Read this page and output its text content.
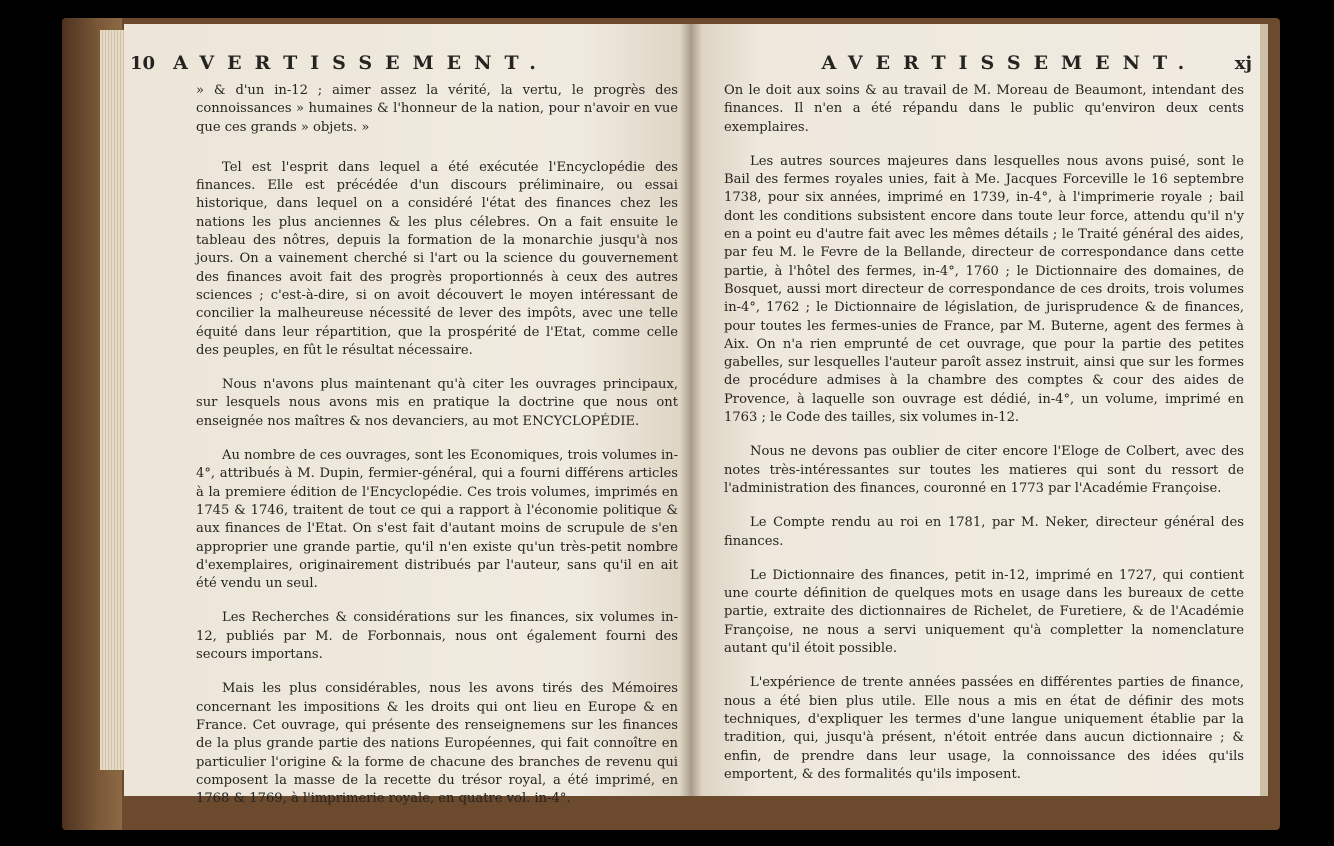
10 AVERTISSEMENT.

» & d'un in-12 ; aimer assez la vérité, la vertu, le progrès des connoissances » humaines & l'honneur de la nation, pour n'avoir en vue que ces grands » objets. »

Tel est l'esprit dans lequel a été exécutée l'Encyclopédie des finances. Elle est précédée d'un discours préliminaire, ou essai historique, dans lequel on a considéré l'état des finances chez les nations les plus anciennes & les plus célebres. On a fait ensuite le tableau des nôtres, depuis la formation de la monarchie jusqu'à nos jours. On a vainement cherché si l'art ou la science du gouvernement des finances avoit fait des progrès proportionnés à ceux des autres sciences ; c'est-à-dire, si on avoit découvert le moyen intéressant de concilier la malheureuse nécessité de lever des impôts, avec une telle équité dans leur répartition, que la prospérité de l'Etat, comme celle des peuples, en fût le résultat nécessaire.

Nous n'avons plus maintenant qu'à citer les ouvrages principaux, sur lesquels nous avons mis en pratique la doctrine que nous ont enseignée nos maîtres & nos devanciers, au mot ENCYCLOPÉDIE.

Au nombre de ces ouvrages, sont les Economiques, trois volumes in-4°, attribués à M. Dupin, fermier-général, qui a fourni différens articles à la premiere édition de l'Encyclopédie. Ces trois volumes, imprimés en 1745 & 1746, traitent de tout ce qui a rapport à l'économie politique & aux finances de l'Etat. On s'est fait d'autant moins de scrupule de s'en approprier une grande partie, qu'il n'en existe qu'un très-petit nombre d'exemplaires, originairement distribués par l'auteur, sans qu'il en ait été vendu un seul.

Les Recherches & considérations sur les finances, six volumes in-12, publiés par M. de Forbonnais, nous ont également fourni des secours importans.

Mais les plus considérables, nous les avons tirés des Mémoires concernant les impositions & les droits qui ont lieu en Europe & en France. Cet ouvrage, qui présente des renseignemens sur les finances de la plus grande partie des nations Européennes, qui fait connoître en particulier l'origine & la forme de chacune des branches de revenu qui composent la masse de la recette du trésor royal, a été imprimé, en 1768 & 1769, à l'imprimerie royale, en quatre vol. in-4°.

AVERTISSEMENT.	xj

On le doit aux soins & au travail de M. Moreau de Beaumont, intendant des finances. Il n'en a été répandu dans le public qu'environ deux cents exemplaires.

Les autres sources majeures dans lesquelles nous avons puisé, sont le Bail des fermes royales unies, fait à Me. Jacques Forceville le 16 septembre 1738, pour six années, imprimé en 1739, in-4°, à l'imprimerie royale ; bail dont les conditions subsistent encore dans toute leur force, attendu qu'il n'y en a point eu d'autre fait avec les mêmes détails ; le Traité général des aides, par feu M. le Fevre de la Bellande, directeur de correspondance dans cette partie, à l'hôtel des fermes, in-4°, 1760 ; le Dictionnaire des domaines, de Bosquet, aussi mort directeur de correspondance de ces droits, trois volumes in-4°, 1762 ; le Dictionnaire de législation, de jurisprudence & de finances, pour toutes les fermes-unies de France, par M. Buterne, agent des fermes à Aix. On n'a rien emprunté de cet ouvrage, que pour la partie des petites gabelles, sur lesquelles l'auteur paroît assez instruit, ainsi que sur les formes de procédure admises à la chambre des comptes & cour des aides de Provence, à laquelle son ouvrage est dédié, in-4°, un volume, imprimé en 1763 ; le Code des tailles, six volumes in-12.

Nous ne devons pas oublier de citer encore l'Eloge de Colbert, avec des notes très-intéressantes sur toutes les matieres qui sont du ressort de l'administration des finances, couronné en 1773 par l'Académie Françoise.

Le Compte rendu au roi en 1781, par M. Neker, directeur général des finances.

Le Dictionnaire des finances, petit in-12, imprimé en 1727, qui contient une courte définition de quelques mots en usage dans les bureaux de cette partie, extraite des dictionnaires de Richelet, de Furetiere, & de l'Académie Françoise, ne nous a servi uniquement qu'à completter la nomenclature autant qu'il étoit possible.

L'expérience de trente années passées en différentes parties de finance, nous a été bien plus utile. Elle nous a mis en état de définir des mots techniques, d'expliquer les termes d'une langue uniquement établie par la tradition, qui, jusqu'à présent, n'étoit entrée dans aucun dictionnaire ; & enfin, de prendre dans leur usage, la connoissance des idées qu'ils emportent, & des formalités qu'ils imposent.
